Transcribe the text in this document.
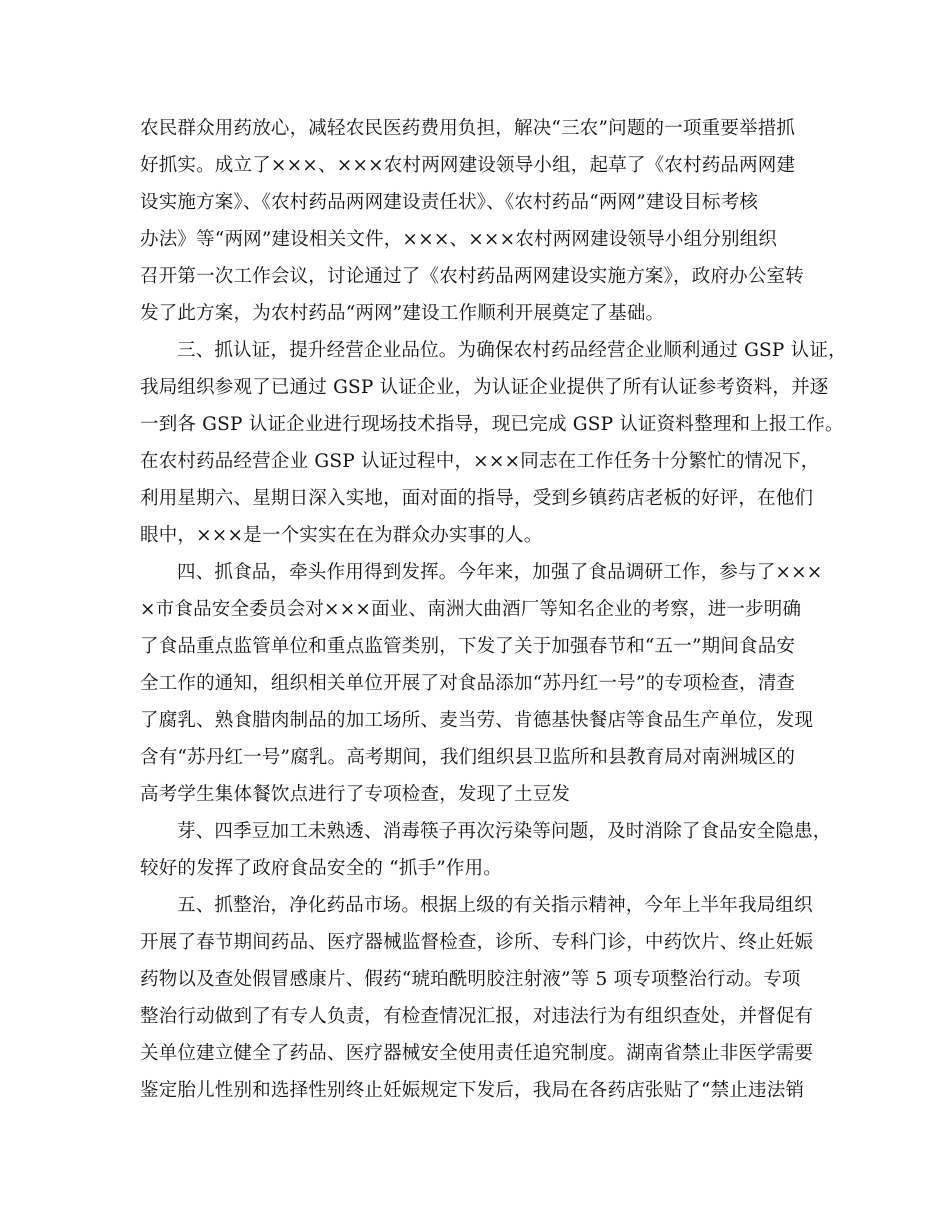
农民群众用药放心，减轻农民医药费用负担，解决“三农”问题的一项重要举措抓
好抓实。成立了×××、×××农村两网建设领导小组，起草了《农村药品两网建
设实施方案》、《农村药品两网建设责任状》、《农村药品“两网”建设目标考核
办法》等“两网”建设相关文件，×××、×××农村两网建设领导小组分别组织
召开第一次工作会议，讨论通过了《农村药品两网建设实施方案》，政府办公室转
发了此方案，为农村药品“两网”建设工作顺利开展奠定了基础。
三、抓认证，提升经营企业品位。为确保农村药品经营企业顺利通过 GSP 认证，
我局组织参观了已通过 GSP 认证企业，为认证企业提供了所有认证参考资料，并逐
一到各 GSP 认证企业进行现场技术指导，现已完成 GSP 认证资料整理和上报工作。
在农村药品经营企业 GSP 认证过程中，×××同志在工作任务十分繁忙的情况下，
利用星期六、星期日深入实地，面对面的指导，受到乡镇药店老板的好评，在他们
眼中，×××是一个实实在在为群众办实事的人。
四、抓食品，牵头作用得到发挥。今年来，加强了食品调研工作，参与了×××
×市食品安全委员会对×××面业、南洲大曲酒厂等知名企业的考察，进一步明确
了食品重点监管单位和重点监管类别，下发了关于加强春节和“五一”期间食品安
全工作的通知，组织相关单位开展了对食品添加“苏丹红一号”的专项检查，清查
了腐乳、熟食腊肉制品的加工场所、麦当劳、肯德基快餐店等食品生产单位，发现
含有“苏丹红一号”腐乳。高考期间，我们组织县卫监所和县教育局对南洲城区的
高考学生集体餐饮点进行了专项检查，发现了土豆发
芽、四季豆加工未熟透、消毒筷子再次污染等问题，及时消除了食品安全隐患，
较好的发挥了政府食品安全的 “抓手”作用。
五、抓整治，净化药品市场。根据上级的有关指示精神，今年上半年我局组织
开展了春节期间药品、医疗器械监督检查，诊所、专科门诊，中药饮片、终止妊娠
药物以及查处假冒感康片、假药“琥珀酰明胶注射液”等 5 项专项整治行动。专项
整治行动做到了有专人负责，有检查情况汇报，对违法行为有组织查处，并督促有
关单位建立健全了药品、医疗器械安全使用责任追究制度。湖南省禁止非医学需要
鉴定胎儿性别和选择性别终止妊娠规定下发后，我局在各药店张贴了“禁止违法销
